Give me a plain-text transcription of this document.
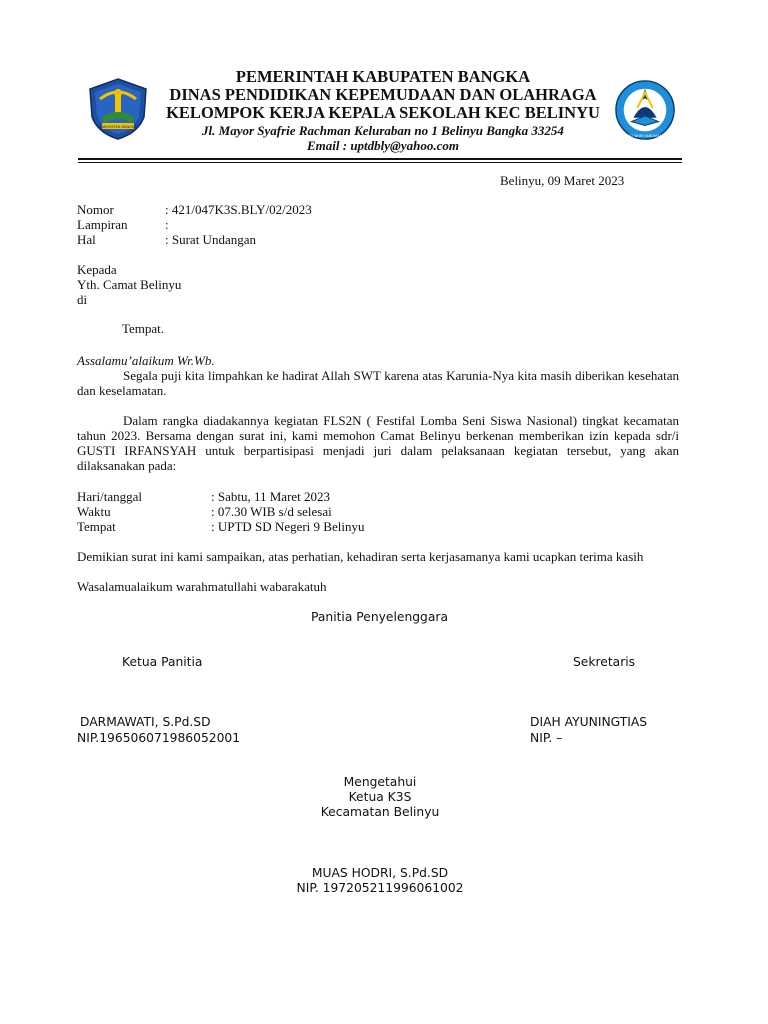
KABUPATEN BANGKA
TUT WURI HANDAYANI
PEMERINTAH KABUPATEN BANGKA
DINAS PENDIDIKAN KEPEMUDAAN DAN OLAHRAGA
KELOMPOK KERJA KEPALA SEKOLAH KEC BELINYU
Jl. Mayor Syafrie Rachman Keluraban no 1 Belinyu Bangka 33254
Email : uptdbly@yahoo.com
Belinyu, 09 Maret 2023
Nomor	: 421/047K3S.BLY/02/2023
Lampiran	:
Hal	: Surat Undangan
Kepada
Yth. Camat Belinyu
di
Tempat.
Assalamu’alaikum Wr.Wb.
Segala puji kita limpahkan ke hadirat Allah SWT karena atas Karunia-Nya kita masih diberikan kesehatan dan keselamatan.
Dalam rangka diadakannya kegiatan FLS2N ( Festifal Lomba Seni Siswa Nasional) tingkat kecamatan tahun 2023. Bersama dengan surat ini, kami memohon Camat Belinyu berkenan memberikan izin kepada sdr/i GUSTI IRFANSYAH untuk berpartisipasi menjadi juri dalam pelaksanaan kegiatan tersebut, yang akan dilaksanakan pada:
Hari/tanggal	: Sabtu, 11 Maret 2023
Waktu	: 07.30 WIB s/d selesai
Tempat	: UPTD SD Negeri 9 Belinyu
Demikian surat ini kami sampaikan, atas perhatian, kehadiran serta kerjasamanya kami ucapkan terima kasih
Wasalamualaikum warahmatullahi wabarakatuh
Panitia Penyelenggara
Ketua Panitia	Sekretaris
DARMAWATI, S.Pd.SD
NIP.196506071986052001
DIAH AYUNINGTIAS
NIP. –
Mengetahui
Ketua K3S
Kecamatan Belinyu
MUAS HODRI, S.Pd.SD
NIP. 197205211996061002
